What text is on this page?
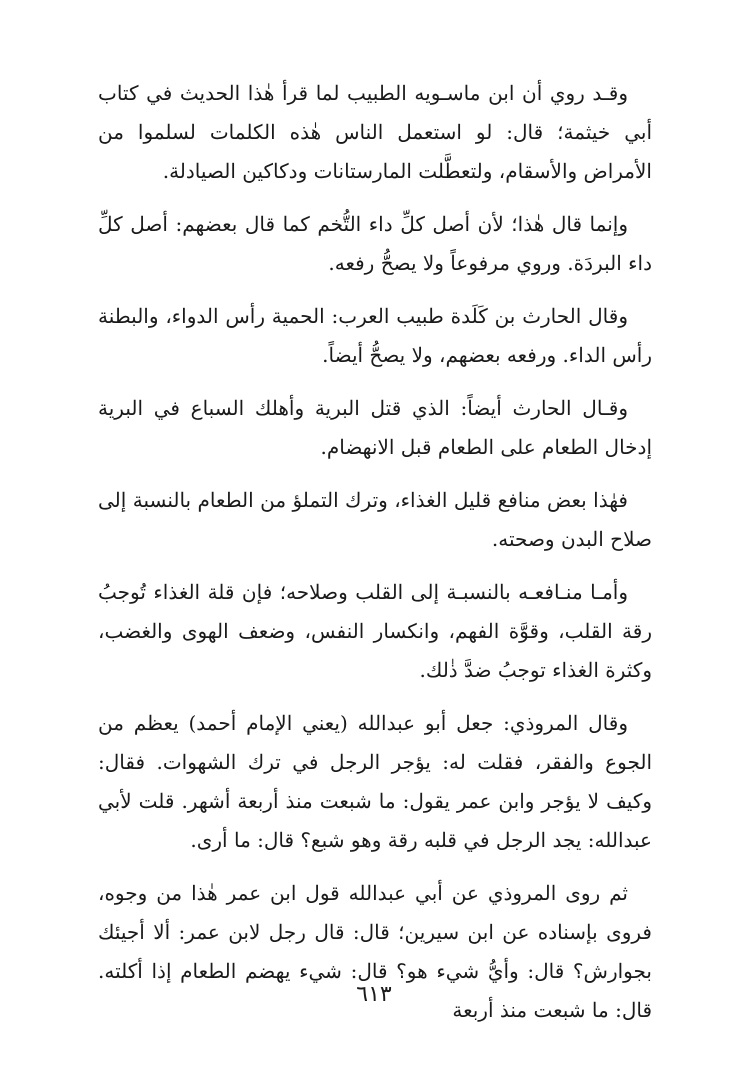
وقـد روي أن ابن ماسـويه الطبيب لما قرأ هٰذا الحديث في كتاب أبي خيثمة؛ قال: لو استعمل الناس هٰذه الكلمات لسلموا من الأمراض والأسقام، ولتعطَّلت المارستانات ودكاكين الصيادلة.

وإنما قال هٰذا؛ لأن أصل كلِّ داء التُّخم كما قال بعضهم: أصل كلِّ داء البردَة. وروي مرفوعاً ولا يصحُّ رفعه.

وقال الحارث بن كَلَدة طبيب العرب: الحمية رأس الدواء، والبطنة رأس الداء. ورفعه بعضهم، ولا يصحُّ أيضاً.

وقـال الحارث أيضاً: الذي قتل البرية وأهلك السباع في البرية إدخال الطعام على الطعام قبل الانهضام.

فهٰذا بعض منافع قليل الغذاء، وترك التملؤ من الطعام بالنسبة إلى صلاح البدن وصحته.

وأمـا منـافعـه بالنسبـة إلى القلب وصلاحه؛ فإن قلة الغذاء تُوجبُ رقة القلب، وقوَّة الفهم، وانكسار النفس، وضعف الهوى والغضب، وكثرة الغذاء توجبُ ضدَّ ذٰلك.

وقال المروذي: جعل أبو عبدالله (يعني الإمام أحمد) يعظم من الجوع والفقر، فقلت له: يؤجر الرجل في ترك الشهوات. فقال: وكيف لا يؤجر وابن عمر يقول: ما شبعت منذ أربعة أشهر. قلت لأبي عبدالله: يجد الرجل في قلبه رقة وهو شبع؟ قال: ما أرى.

ثم روى المروذي عن أبي عبدالله قول ابن عمر هٰذا من وجوه، فروى بإسناده عن ابن سيرين؛ قال: قال رجل لابن عمر: ألا أجيئك بجوارش؟ قال: وأيُّ شيء هو؟ قال: شيء يهضم الطعام إذا أكلته. قال: ما شبعت منذ أربعة

٦١٣
